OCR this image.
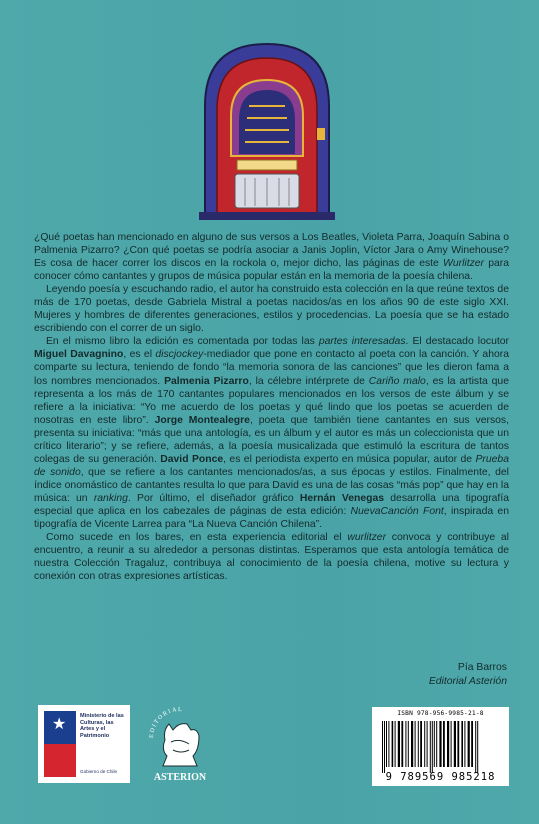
¿Qué poetas han mencionado en alguno de sus versos a Los Beatles, Violeta Parra, Joaquín Sabina o Palmenia Pizarro? ¿Con qué poetas se podría asociar a Janis Joplin, Víctor Jara o Amy Winehouse? Es cosa de hacer correr los discos en la rockola o, mejor dicho, las páginas de este Wurlitzer para conocer cómo cantantes y grupos de música popular están en la memoria de la poesía chilena.

Leyendo poesía y escuchando radio, el autor ha construido esta colección en la que reúne textos de más de 170 poetas, desde Gabriela Mistral a poetas nacidos/as en los años 90 de este siglo XXI. Mujeres y hombres de diferentes generaciones, estilos y procedencias. La poesía que se ha estado escribiendo con el correr de un siglo.

En el mismo libro la edición es comentada por todas las partes interesadas. El destacado locutor Miguel Davagnino, es el discjockey-mediador que pone en contacto al poeta con la canción. Y ahora comparte su lectura, teniendo de fondo “la memoria sonora de las canciones” que les dieron fama a los nombres mencionados. Palmenia Pizarro, la célebre intérprete de Cariño malo, es la artista que representa a los más de 170 cantantes populares mencionados en los versos de este álbum y se refiere a la iniciativa: “Yo me acuerdo de los poetas y qué lindo que los poetas se acuerden de nosotras en este libro”. Jorge Montealegre, poeta que también tiene cantantes en sus versos, presenta su iniciativa: “más que una antología, es un álbum y el autor es más un coleccionista que un crítico literario”; y se refiere, además, a la poesía musicalizada que estimuló la escritura de tantos colegas de su generación. David Ponce, es el periodista experto en música popular, autor de Prueba de sonido, que se refiere a los cantantes mencionados/as, a sus épocas y estilos. Finalmente, del índice onomástico de cantantes resulta lo que para David es una de las cosas “más pop” que hay en la música: un ranking. Por último, el diseñador gráfico Hernán Venegas desarrolla una tipografía especial que aplica en los cabezales de páginas de esta edición: NuevaCanción Font, inspirada en tipografía de Vicente Larrea para “La Nueva Canción Chilena”.

Como sucede en los bares, en esta experiencia editorial el wurlitzer convoca y contribuye al encuentro, a reunir a su alrededor a personas distintas. Esperamos que esta antología temática de nuestra Colección Tragaluz, contribuya al conocimiento de la poesía chilena, motive su lectura y conexión con otras expresiones artísticas.

Pía Barros
Editorial Asterión
★ Ministerio de las Culturas, las Artes y el Patrimonio
Gobierno de Chile
EDITORIAL
ASTERION
ISBN 978-956-9985-21-8
9 789569 985218
